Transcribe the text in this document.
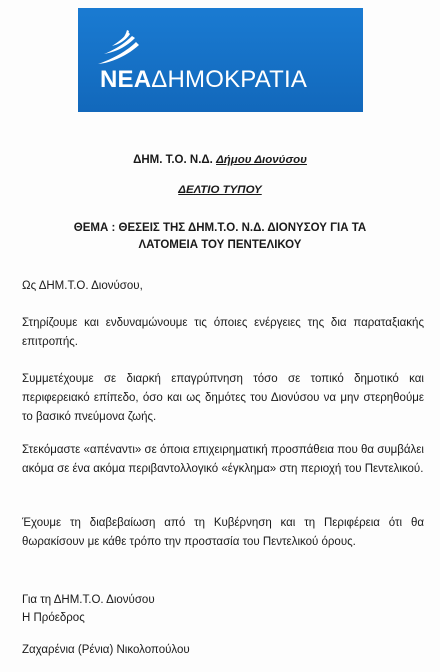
ΝΕΑΔΗΜΟΚΡΑΤΙΑ
ΔΗΜ. Τ.Ο. Ν.Δ. Δήμου Διονύσου
ΔΕΛΤΙΟ ΤΥΠΟΥ
ΘΕΜΑ : ΘΕΣΕΙΣ ΤΗΣ ΔΗΜ.Τ.Ο. Ν.Δ. ΔΙΟΝΥΣΟΥ ΓΙΑ ΤΑ
ΛΑΤΟΜΕΙΑ ΤΟΥ ΠΕΝΤΕΛΙΚΟΥ
Ως ΔΗΜ.Τ.Ο. Διονύσου,
Στηρίζουμε και ενδυναμώνουμε τις όποιες ενέργειες της δια παραταξιακής επιτροπής.
Συμμετέχουμε σε διαρκή επαγρύπνηση τόσο σε τοπικό δημοτικό και περιφερειακό επίπεδο, όσο και ως δημότες του Διονύσου να μην στερηθούμε το βασικό πνεύμονα ζωής.
Στεκόμαστε «απέναντι» σε όποια επιχειρηματική προσπάθεια που θα συμβάλει ακόμα σε ένα ακόμα περιβαντολλογικό «έγκλημα» στη περιοχή του Πεντελικού.
Έχουμε τη διαβεβαίωση από τη Κυβέρνηση και τη Περιφέρεια ότι θα θωρακίσουν με κάθε τρόπο την προστασία του Πεντελικού όρους.
Για τη ΔΗΜ.Τ.Ο. Διονύσου
Η Πρόεδρος
Ζαχαρένια (Ρένια) Νικολοπούλου
